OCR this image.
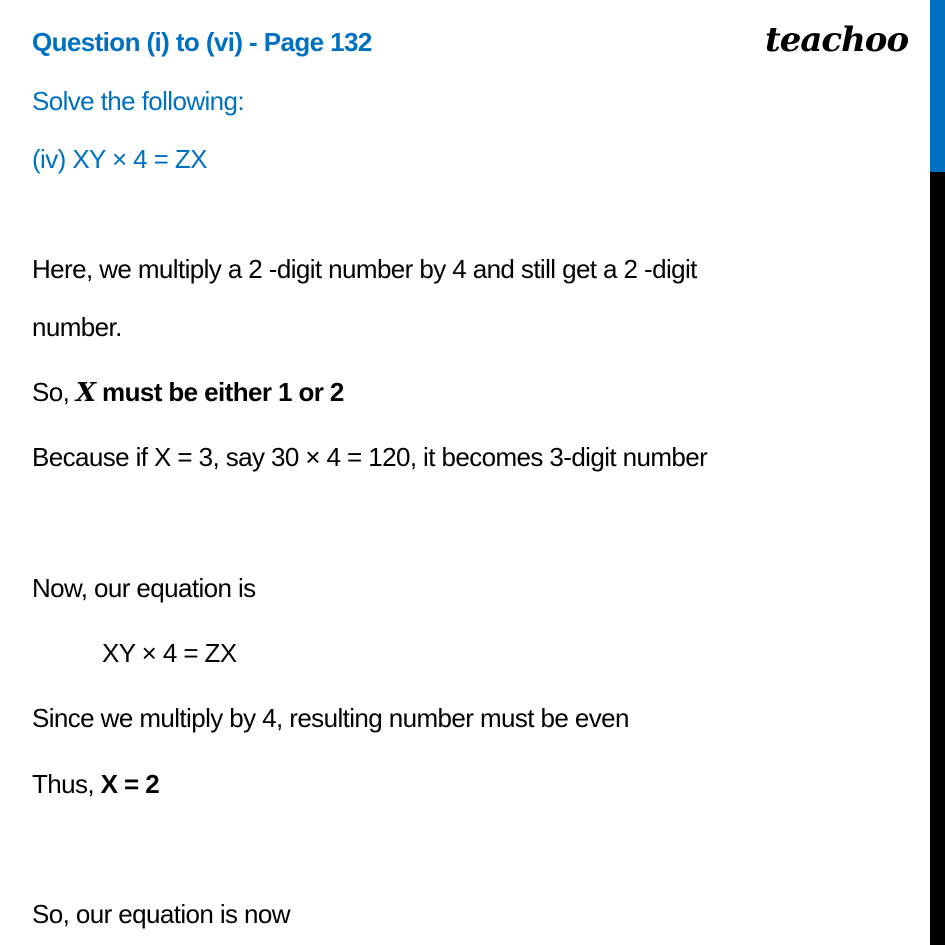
Question (i) to (vi) - Page 132	teachoo
Solve the following:
(iv) XY × 4 = ZX
Here, we multiply a 2 -digit number by 4 and still get a 2 -digit
number.
So, X must be either 1 or 2
Because if X = 3, say 30 × 4 = 120, it becomes 3-digit number
Now, our equation is
XY × 4 = ZX
Since we multiply by 4, resulting number must be even
Thus, X = 2
So, our equation is now
